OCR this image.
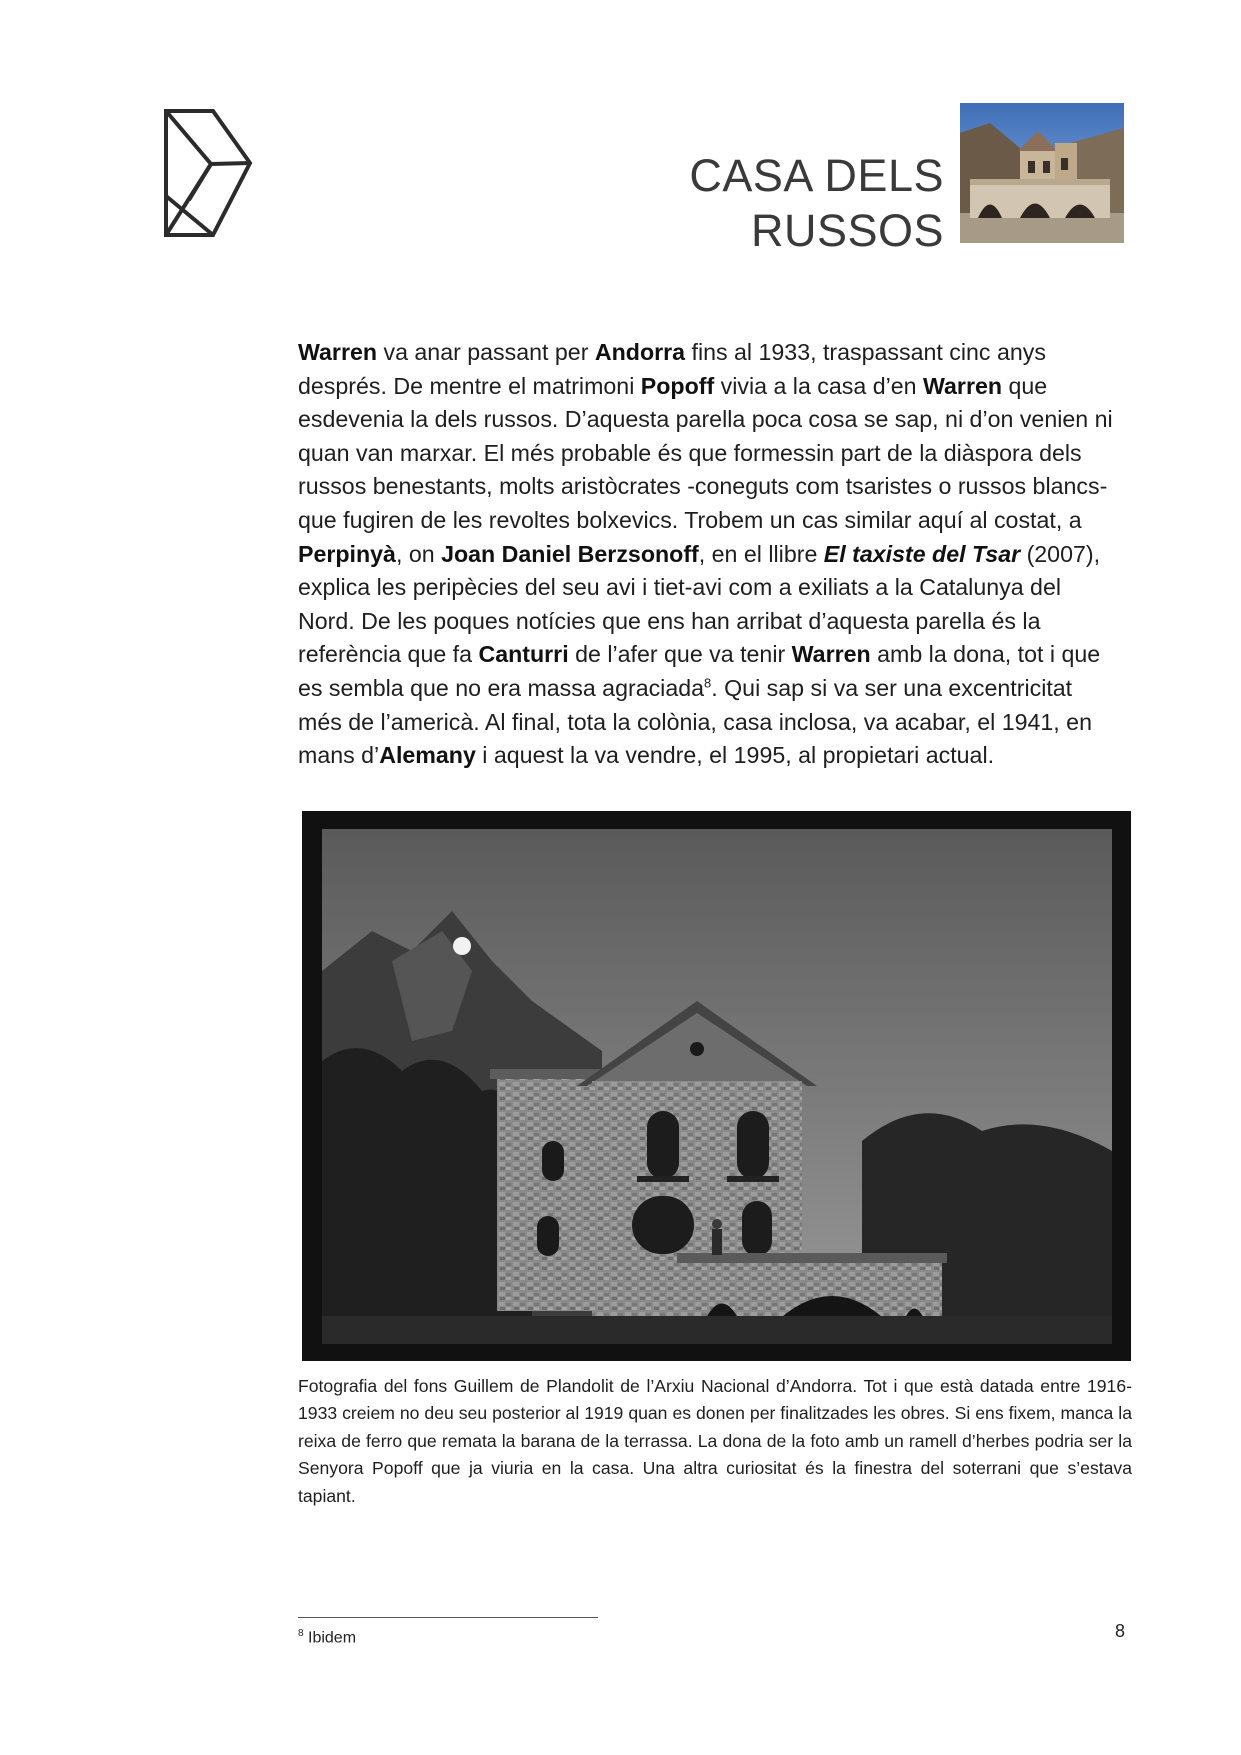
CASA DELS
RUSSOS

Warren va anar passant per Andorra fins al 1933, traspassant cinc anys després. De mentre el matrimoni Popoff vivia a la casa d’en Warren que esdevenia la dels russos. D’aquesta parella poca cosa se sap, ni d’on venien ni quan van marxar. El més probable és que formessin part de la diàspora dels russos benestants, molts aristòcrates -coneguts com tsaristes o russos blancs- que fugiren de les revoltes bolxevics. Trobem un cas similar aquí al costat, a Perpinyà, on Joan Daniel Berzsonoff, en el llibre El taxiste del Tsar (2007), explica les peripècies del seu avi i tiet-avi com a exiliats a la Catalunya del Nord. De les poques notícies que ens han arribat d’aquesta parella és la referència que fa Canturri de l’afer que va tenir Warren amb la dona, tot i que es sembla que no era massa agraciada$^8$. Qui sap si va ser una excentricitat més de l’americà. Al final, tota la colònia, casa inclosa, va acabar, el 1941, en mans d’Alemany i aquest la va vendre, el 1995, al propietari actual.

Fotografia del fons Guillem de Plandolit de l’Arxiu Nacional d’Andorra. Tot i que està datada entre 1916-1933 creiem no deu seu posterior al 1919 quan es donen per finalitzades les obres. Si ens fixem, manca la reixa de ferro que remata la barana de la terrassa. La dona de la foto amb un ramell d’herbes podria ser la Senyora Popoff que ja viuria en la casa. Una altra curiositat és la finestra del soterrani que s’estava tapiant.

$^8$ Ibidem	8
